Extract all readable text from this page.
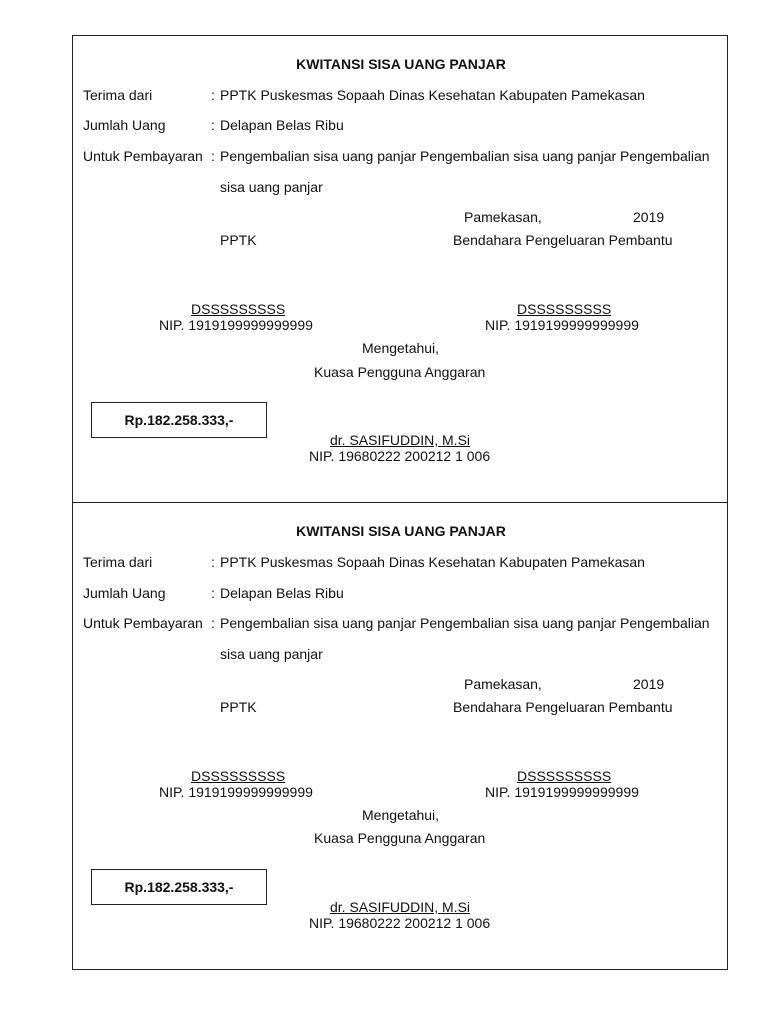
KWITANSI SISA UANG PANJAR
Terima dari	: PPTK Puskesmas Sopaah Dinas Kesehatan Kabupaten Pamekasan
Jumlah Uang	: Delapan Belas Ribu
Untuk Pembayaran : Pengembalian sisa uang panjar Pengembalian sisa uang panjar Pengembalian
sisa uang panjar
Pamekasan,	2019
PPTK	Bendahara Pengeluaran Pembantu
DSSSSSSSSS
NIP. 1919199999999999
DSSSSSSSSS
NIP. 1919199999999999
Mengetahui,
Kuasa Pengguna Anggaran
Rp.182.258.333,-
dr. SASIFUDDIN, M.Si
NIP. 19680222 200212 1 006
KWITANSI SISA UANG PANJAR
Terima dari	: PPTK Puskesmas Sopaah Dinas Kesehatan Kabupaten Pamekasan
Jumlah Uang	: Delapan Belas Ribu
Untuk Pembayaran : Pengembalian sisa uang panjar Pengembalian sisa uang panjar Pengembalian
sisa uang panjar
Pamekasan,	2019
PPTK	Bendahara Pengeluaran Pembantu
DSSSSSSSSS
NIP. 1919199999999999
DSSSSSSSSS
NIP. 1919199999999999
Mengetahui,
Kuasa Pengguna Anggaran
Rp.182.258.333,-
dr. SASIFUDDIN, M.Si
NIP. 19680222 200212 1 006
